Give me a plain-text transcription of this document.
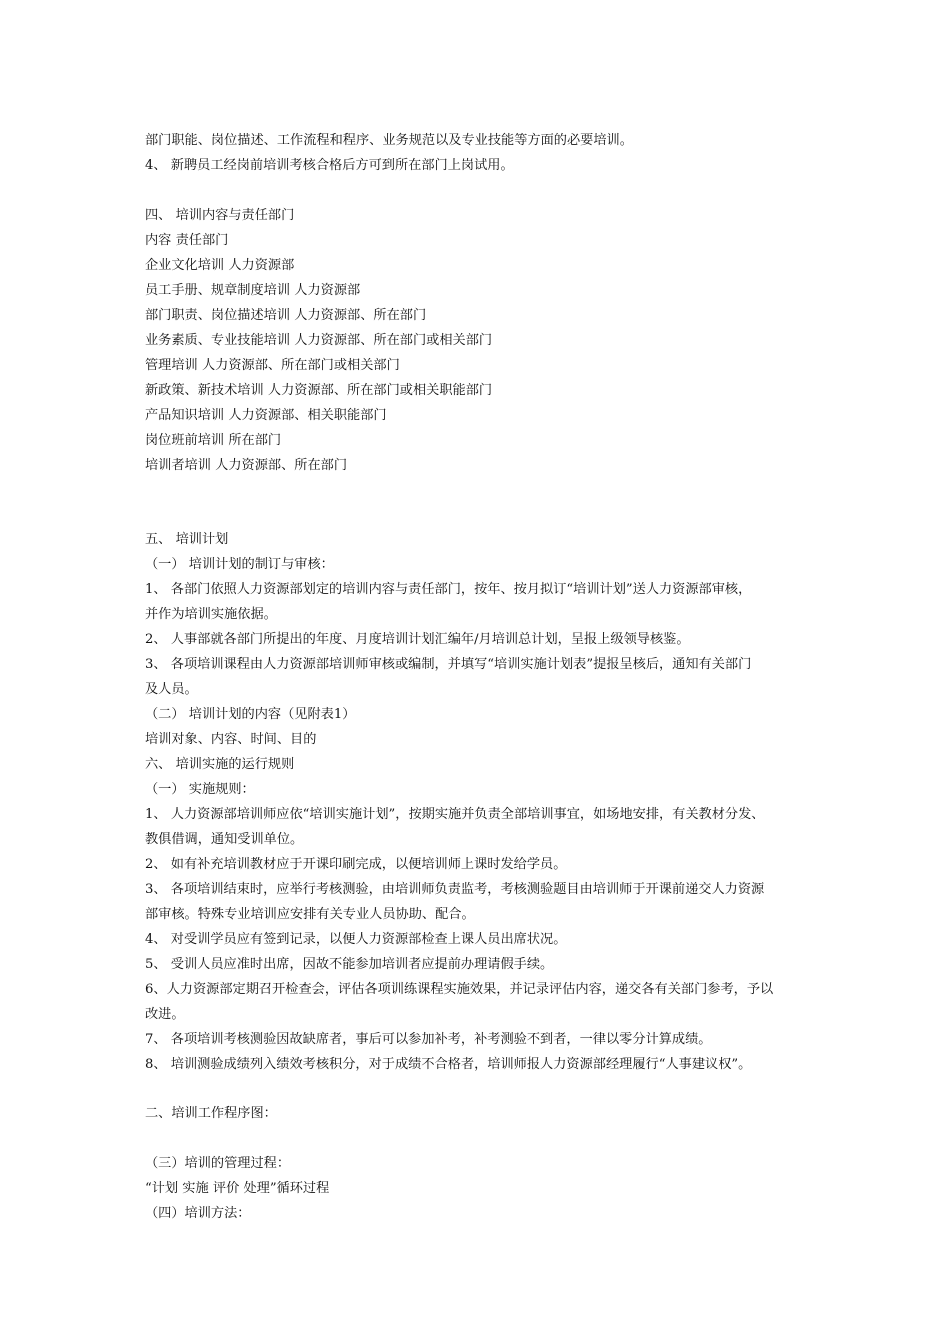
部门职能、岗位描述、工作流程和程序、业务规范以及专业技能等方面的必要培训。
4、 新聘员工经岗前培训考核合格后方可到所在部门上岗试用。
四、 培训内容与责任部门
内容 责任部门
企业文化培训 人力资源部
员工手册、规章制度培训 人力资源部
部门职责、岗位描述培训 人力资源部、所在部门
业务素质、专业技能培训 人力资源部、所在部门或相关部门
管理培训 人力资源部、所在部门或相关部门
新政策、新技术培训 人力资源部、所在部门或相关职能部门
产品知识培训 人力资源部、相关职能部门
岗位班前培训 所在部门
培训者培训 人力资源部、所在部门
五、 培训计划
（一） 培训计划的制订与审核：
1、 各部门依照人力资源部划定的培训内容与责任部门，按年、按月拟订“培训计划”送人力资源部审核，
并作为培训实施依据。
2、 人事部就各部门所提出的年度、月度培训计划汇编年/月培训总计划，呈报上级领导核鉴。
3、 各项培训课程由人力资源部培训师审核或编制，并填写“培训实施计划表”提报呈核后，通知有关部门
及人员。
（二） 培训计划的内容（见附表1）
培训对象、内容、时间、目的
六、 培训实施的运行规则
（一） 实施规则：
1、 人力资源部培训师应依“培训实施计划”，按期实施并负责全部培训事宜，如场地安排，有关教材分发、
教俱借调，通知受训单位。
2、 如有补充培训教材应于开课印刷完成，以便培训师上课时发给学员。
3、 各项培训结束时，应举行考核测验，由培训师负责监考，考核测验题目由培训师于开课前递交人力资源
部审核。特殊专业培训应安排有关专业人员协助、配合。
4、 对受训学员应有签到记录，以便人力资源部检查上课人员出席状况。
5、 受训人员应准时出席，因故不能参加培训者应提前办理请假手续。
6、人力资源部定期召开检查会，评估各项训练课程实施效果，并记录评估内容，递交各有关部门参考，予以
改进。
7、 各项培训考核测验因故缺席者，事后可以参加补考，补考测验不到者，一律以零分计算成绩。
8、 培训测验成绩列入绩效考核积分，对于成绩不合格者，培训师报人力资源部经理履行“人事建议权”。
二、培训工作程序图：
（三）培训的管理过程：
“计划 实施 评价 处理”循环过程
（四）培训方法：
